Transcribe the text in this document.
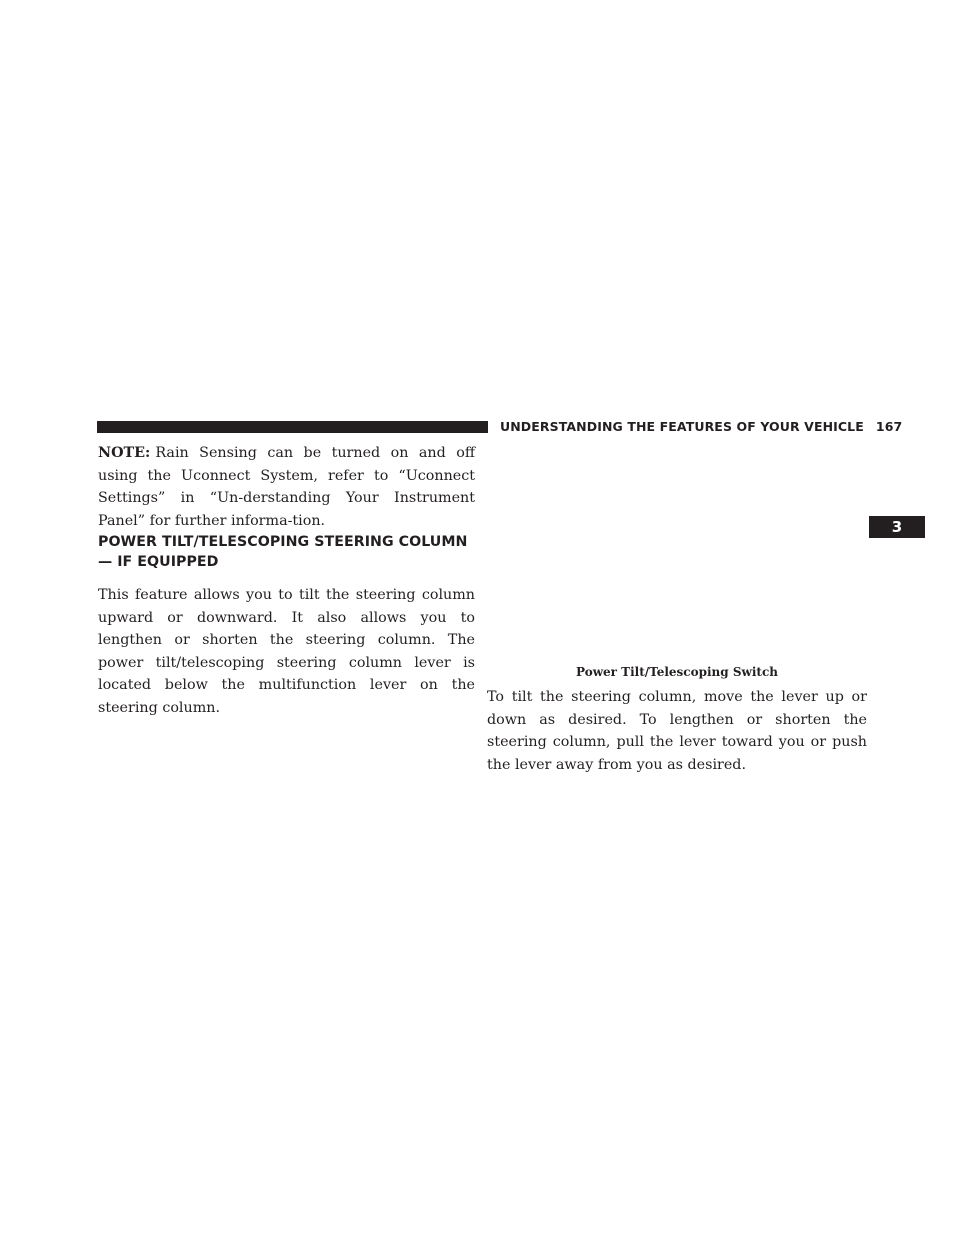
UNDERSTANDING THE FEATURES OF YOUR VEHICLE 167
3

NOTE: Rain Sensing can be turned on and off using the Uconnect System, refer to “Uconnect Settings” in “Un-derstanding Your Instrument Panel” for further informa-tion.

POWER TILT/TELESCOPING STEERING COLUMN
— IF EQUIPPED

This feature allows you to tilt the steering column upward or downward. It also allows you to lengthen or shorten the steering column. The power tilt/telescoping steering column lever is located below the multifunction lever on the steering column.

Power Tilt/Telescoping Switch

To tilt the steering column, move the lever up or down as desired. To lengthen or shorten the steering column, pull the lever toward you or push the lever away from you as desired.
